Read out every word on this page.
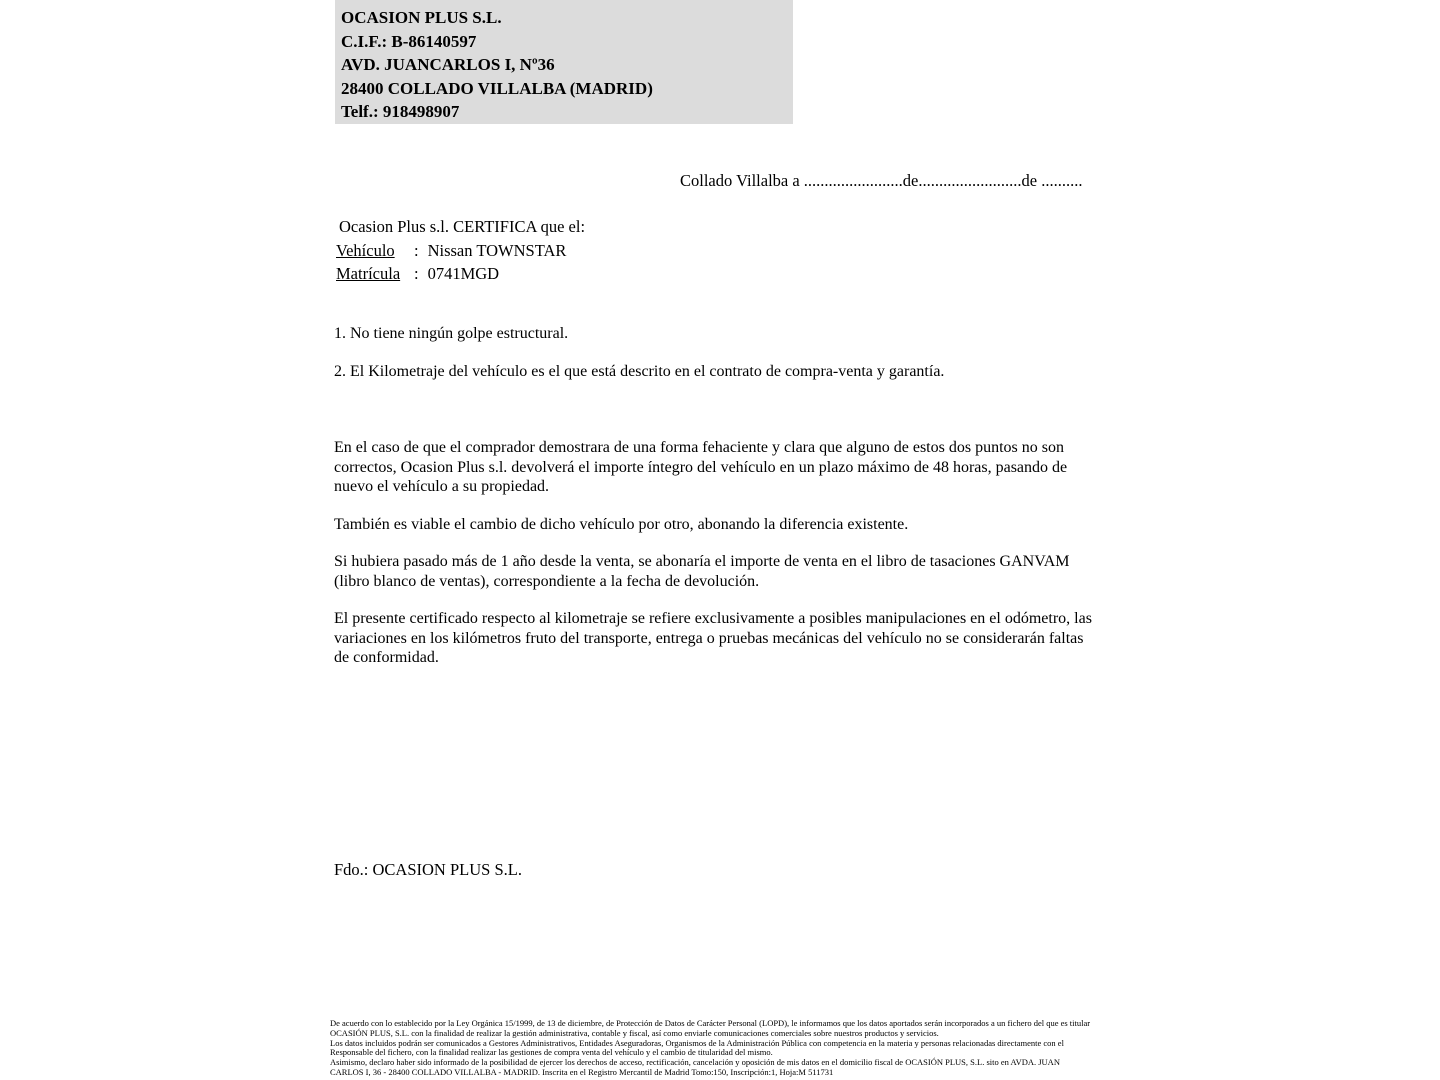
OCASION PLUS S.L.
C.I.F.: B-86140597
AVD. JUANCARLOS I, Nº36
28400 COLLADO VILLALBA (MADRID)
Telf.: 918498907
Collado Villalba a ........................de.........................de ..........
Ocasion Plus s.l. CERTIFICA que el:
Vehículo : Nissan TOWNSTAR
Matrícula : 0741MGD
1. No tiene ningún golpe estructural.
2. El Kilometraje del vehículo es el que está descrito en el contrato de compra-venta y garantía.

En el caso de que el comprador demostrara de una forma fehaciente y clara que alguno de estos dos puntos no son correctos, Ocasion Plus s.l. devolverá el importe íntegro del vehículo en un plazo máximo de 48 horas, pasando de nuevo el vehículo a su propiedad.

También es viable el cambio de dicho vehículo por otro, abonando la diferencia existente.

Si hubiera pasado más de 1 año desde la venta, se abonaría el importe de venta en el libro de tasaciones GANVAM (libro blanco de ventas), correspondiente a la fecha de devolución.

El presente certificado respecto al kilometraje se refiere exclusivamente a posibles manipulaciones en el odómetro, las variaciones en los kilómetros fruto del transporte, entrega o pruebas mecánicas del vehículo no se considerarán faltas de conformidad.

Fdo.: OCASION PLUS S.L.
De acuerdo con lo establecido por la Ley Orgánica 15/1999, de 13 de diciembre, de Protección de Datos de Carácter Personal (LOPD), le informamos que los datos aportados serán incorporados a un fichero del que es titular
OCASIÓN PLUS, S.L. con la finalidad de realizar la gestión administrativa, contable y fiscal, así como enviarle comunicaciones comerciales sobre nuestros productos y servicios.
Los datos incluidos podrán ser comunicados a Gestores Administrativos, Entidades Aseguradoras, Organismos de la Administración Pública con competencia en la materia y personas relacionadas directamente con el
Responsable del fichero, con la finalidad realizar las gestiones de compra venta del vehículo y el cambio de titularidad del mismo.
Asimismo, declaro haber sido informado de la posibilidad de ejercer los derechos de acceso, rectificación, cancelación y oposición de mis datos en el domicilio fiscal de OCASIÓN PLUS, S.L. sito en AVDA. JUAN
CARLOS I, 36 - 28400 COLLADO VILLALBA - MADRID. Inscrita en el Registro Mercantil de Madrid Tomo:150, Inscripción:1, Hoja:M 511731
